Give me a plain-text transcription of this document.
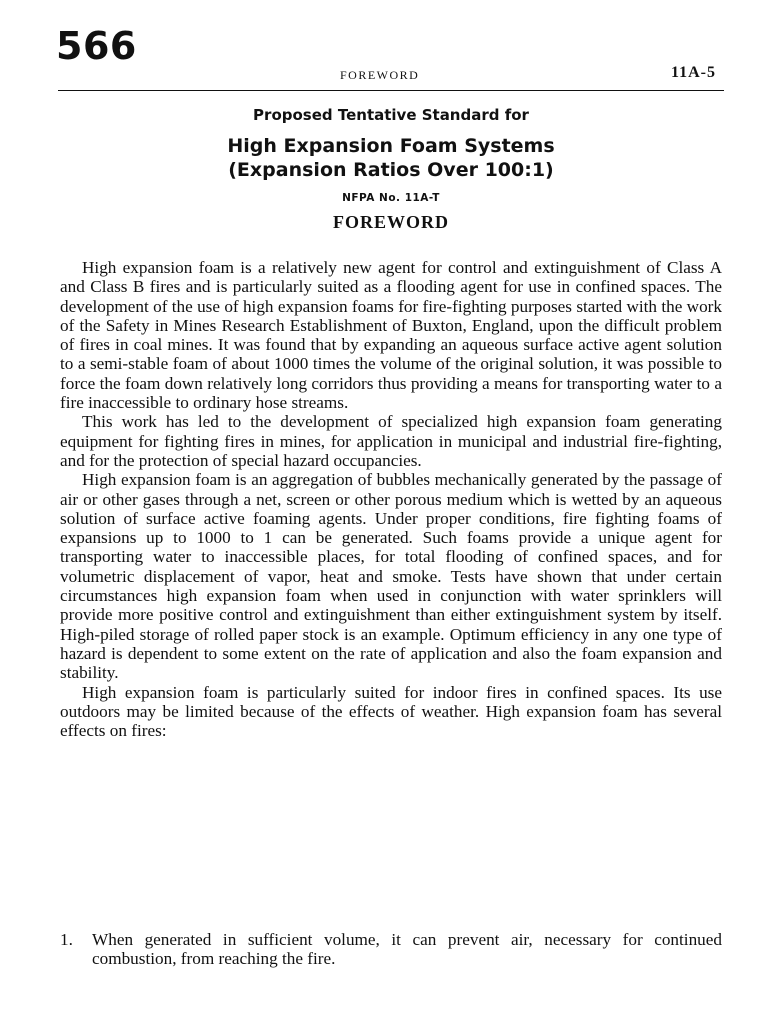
566
FOREWORD	11A-5
Proposed Tentative Standard for
High Expansion Foam Systems
(Expansion Ratios Over 100:1)
NFPA No. 11A-T
FOREWORD

High expansion foam is a relatively new agent for control and extinguishment of Class A and Class B fires and is particularly suited as a flooding agent for use in confined spaces. The development of the use of high expansion foams for fire-fighting purposes started with the work of the Safety in Mines Research Establishment of Buxton, England, upon the difficult problem of fires in coal mines. It was found that by expanding an aqueous surface active agent solution to a semi-stable foam of about 1000 times the volume of the original solution, it was possible to force the foam down relatively long corridors thus providing a means for transporting water to a fire inaccessible to ordinary hose streams.

This work has led to the development of specialized high expansion foam generating equipment for fighting fires in mines, for application in municipal and industrial fire-fighting, and for the protection of special hazard occupancies.

High expansion foam is an aggregation of bubbles mechanically generated by the passage of air or other gases through a net, screen or other porous medium which is wetted by an aqueous solution of surface active foaming agents. Under proper conditions, fire fighting foams of expansions up to 1000 to 1 can be generated. Such foams provide a unique agent for transporting water to inaccessible places, for total flooding of confined spaces, and for volumetric displacement of vapor, heat and smoke. Tests have shown that under certain circumstances high expansion foam when used in conjunction with water sprinklers will provide more positive control and extinguishment than either extinguishment system by itself. High-piled storage of rolled paper stock is an example. Optimum efficiency in any one type of hazard is dependent to some extent on the rate of application and also the foam expansion and stability.

High expansion foam is particularly suited for indoor fires in confined spaces. Its use outdoors may be limited because of the effects of weather. High expansion foam has several effects on fires:

1.	When generated in sufficient volume, it can prevent air, necessary for continued combustion, from reaching the fire.
